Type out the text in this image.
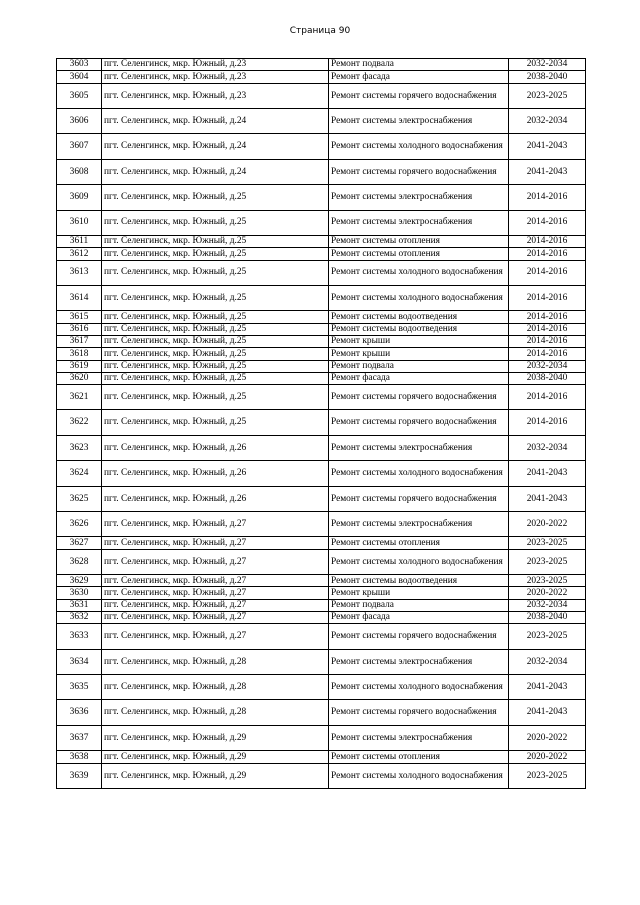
Страница 90
3603	пгт. Селенгинск, мкр. Южный, д.23	Ремонт подвала	2032-2034
3604	пгт. Селенгинск, мкр. Южный, д.23	Ремонт фасада	2038-2040
3605	пгт. Селенгинск, мкр. Южный, д.23	Ремонт системы горячего водоснабжения	2023-2025
3606	пгт. Селенгинск, мкр. Южный, д.24	Ремонт системы электроснабжения	2032-2034
3607	пгт. Селенгинск, мкр. Южный, д.24	Ремонт системы холодного водоснабжения	2041-2043
3608	пгт. Селенгинск, мкр. Южный, д.24	Ремонт системы горячего водоснабжения	2041-2043
3609	пгт. Селенгинск, мкр. Южный, д.25	Ремонт системы электроснабжения	2014-2016
3610	пгт. Селенгинск, мкр. Южный, д.25	Ремонт системы электроснабжения	2014-2016
3611	пгт. Селенгинск, мкр. Южный, д.25	Ремонт системы отопления	2014-2016
3612	пгт. Селенгинск, мкр. Южный, д.25	Ремонт системы отопления	2014-2016
3613	пгт. Селенгинск, мкр. Южный, д.25	Ремонт системы холодного водоснабжения	2014-2016
3614	пгт. Селенгинск, мкр. Южный, д.25	Ремонт системы холодного водоснабжения	2014-2016
3615	пгт. Селенгинск, мкр. Южный, д.25	Ремонт системы водоотведения	2014-2016
3616	пгт. Селенгинск, мкр. Южный, д.25	Ремонт системы водоотведения	2014-2016
3617	пгт. Селенгинск, мкр. Южный, д.25	Ремонт крыши	2014-2016
3618	пгт. Селенгинск, мкр. Южный, д.25	Ремонт крыши	2014-2016
3619	пгт. Селенгинск, мкр. Южный, д.25	Ремонт подвала	2032-2034
3620	пгт. Селенгинск, мкр. Южный, д.25	Ремонт фасада	2038-2040
3621	пгт. Селенгинск, мкр. Южный, д.25	Ремонт системы горячего водоснабжения	2014-2016
3622	пгт. Селенгинск, мкр. Южный, д.25	Ремонт системы горячего водоснабжения	2014-2016
3623	пгт. Селенгинск, мкр. Южный, д.26	Ремонт системы электроснабжения	2032-2034
3624	пгт. Селенгинск, мкр. Южный, д.26	Ремонт системы холодного водоснабжения	2041-2043
3625	пгт. Селенгинск, мкр. Южный, д.26	Ремонт системы горячего водоснабжения	2041-2043
3626	пгт. Селенгинск, мкр. Южный, д.27	Ремонт системы электроснабжения	2020-2022
3627	пгт. Селенгинск, мкр. Южный, д.27	Ремонт системы отопления	2023-2025
3628	пгт. Селенгинск, мкр. Южный, д.27	Ремонт системы холодного водоснабжения	2023-2025
3629	пгт. Селенгинск, мкр. Южный, д.27	Ремонт системы водоотведения	2023-2025
3630	пгт. Селенгинск, мкр. Южный, д.27	Ремонт крыши	2020-2022
3631	пгт. Селенгинск, мкр. Южный, д.27	Ремонт подвала	2032-2034
3632	пгт. Селенгинск, мкр. Южный, д.27	Ремонт фасада	2038-2040
3633	пгт. Селенгинск, мкр. Южный, д.27	Ремонт системы горячего водоснабжения	2023-2025
3634	пгт. Селенгинск, мкр. Южный, д.28	Ремонт системы электроснабжения	2032-2034
3635	пгт. Селенгинск, мкр. Южный, д.28	Ремонт системы холодного водоснабжения	2041-2043
3636	пгт. Селенгинск, мкр. Южный, д.28	Ремонт системы горячего водоснабжения	2041-2043
3637	пгт. Селенгинск, мкр. Южный, д.29	Ремонт системы электроснабжения	2020-2022
3638	пгт. Селенгинск, мкр. Южный, д.29	Ремонт системы отопления	2020-2022
3639	пгт. Селенгинск, мкр. Южный, д.29	Ремонт системы холодного водоснабжения	2023-2025
